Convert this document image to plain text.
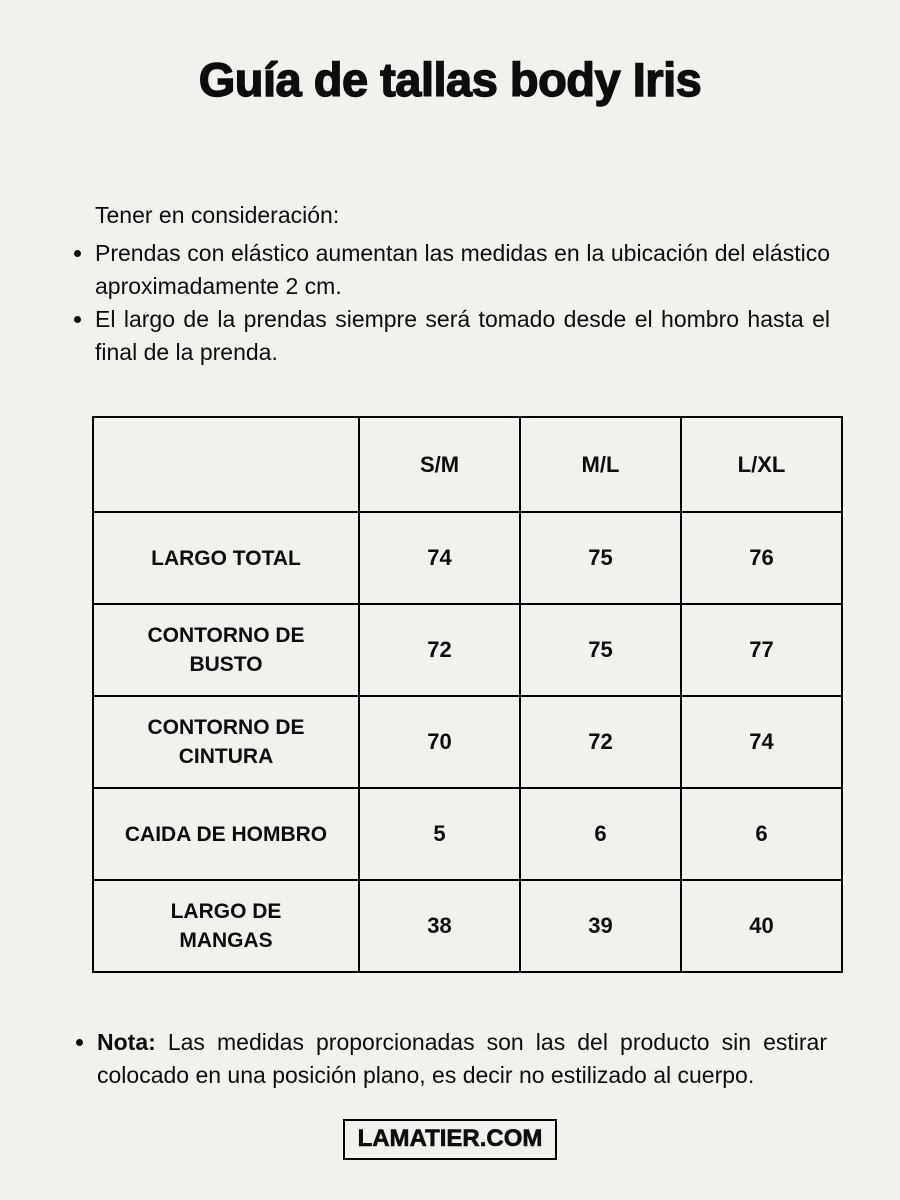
Guía de tallas body Iris

Tener en consideración:

• Prendas con elástico aumentan las medidas en la ubicación del elástico aproximadamente 2 cm.
• El largo de la prendas siempre será tomado desde el hombro hasta el final de la prenda.
	S/M	M/L	L/XL
LARGO TOTAL	74	75	76
CONTORNO DE BUSTO	72	75	77
CONTORNO DE CINTURA	70	72	74
CAIDA DE HOMBRO	5	6	6
LARGO DE MANGAS	38	39	40
• Nota: Las medidas proporcionadas son las del producto sin estirar colocado en una posición plano, es decir no estilizado al cuerpo.
LAMATIER.COM
